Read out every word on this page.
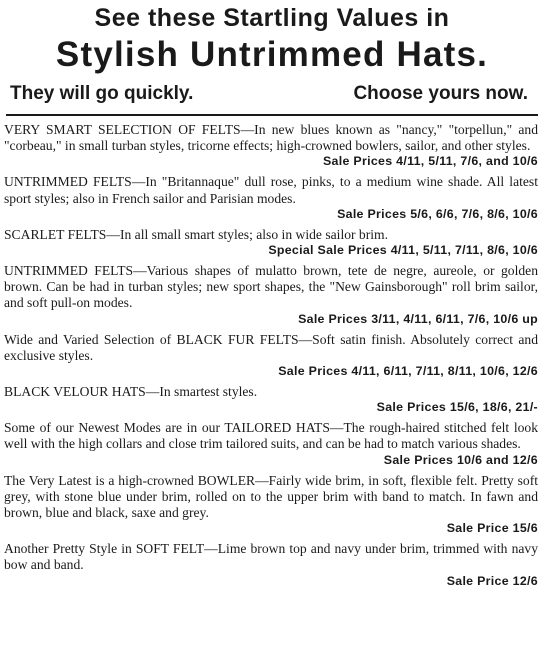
See these Startling Values in
Stylish Untrimmed Hats.
They will go quickly.	Choose yours now.
VERY SMART SELECTION OF FELTS—In new blues known as "nancy," "torpellun," and "corbeau," in small turban styles, tricorne effects; high-crowned bowlers, sailor, and other styles.
Sale Prices 4/11, 5/11, 7/6, and 10/6
UNTRIMMED FELTS—In "Britannaque" dull rose, pinks, to a medium wine shade. All latest sport styles; also in French sailor and Parisian modes.
Sale Prices 5/6, 6/6, 7/6, 8/6, 10/6
SCARLET FELTS—In all small smart styles; also in wide sailor brim.
Special Sale Prices 4/11, 5/11, 7/11, 8/6, 10/6
UNTRIMMED FELTS—Various shapes of mulatto brown, tete de negre, aureole, or golden brown. Can be had in turban styles; new sport shapes, the "New Gainsborough" roll brim sailor, and soft pull-on modes.
Sale Prices 3/11, 4/11, 6/11, 7/6, 10/6 up
Wide and Varied Selection of BLACK FUR FELTS—Soft satin finish. Absolutely correct and exclusive styles.
Sale Prices 4/11, 6/11, 7/11, 8/11, 10/6, 12/6
BLACK VELOUR HATS—In smartest styles.
Sale Prices 15/6, 18/6, 21/-
Some of our Newest Modes are in our TAILORED HATS—The rough-haired stitched felt look well with the high collars and close trim tailored suits, and can be had to match various shades.
Sale Prices 10/6 and 12/6
The Very Latest is a high-crowned BOWLER—Fairly wide brim, in soft, flexible felt. Pretty soft grey, with stone blue under brim, rolled on to the upper brim with band to match. In fawn and brown, blue and black, saxe and grey.
Sale Price 15/6
Another Pretty Style in SOFT FELT—Lime brown top and navy under brim, trimmed with navy bow and band.
Sale Price 12/6
